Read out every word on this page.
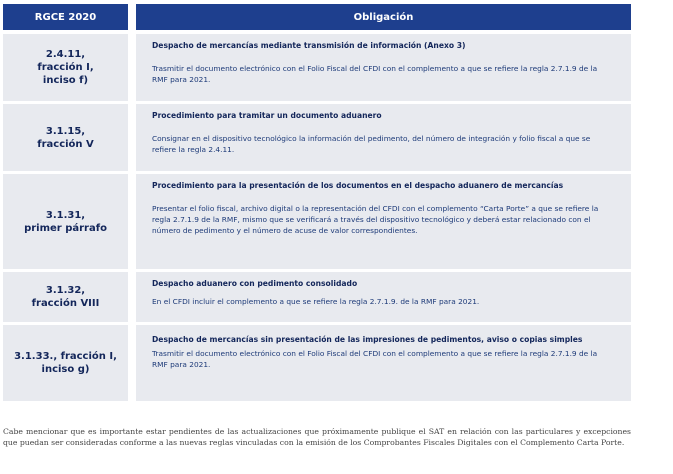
RGCE 2020	Obligación
2.4.11,
fracción I,
inciso f)
Despacho de mercancías mediante transmisión de información (Anexo 3)
Trasmitir el documento electrónico con el Folio Fiscal del CFDI con el complemento a que se refiere la regla 2.7.1.9 de la RMF para 2021.
3.1.15,
fracción V
Procedimiento para tramitar un documento aduanero
Consignar en el dispositivo tecnológico la información del pedimento, del número de integración y folio fiscal a que se refiere la regla 2.4.11.
3.1.31,
primer párrafo
Procedimiento para la presentación de los documentos en el despacho aduanero de mercancías
Presentar el folio fiscal, archivo digital o la representación del CFDI con el complemento “Carta Porte” a que se refiere la regla 2.7.1.9 de la RMF, mismo que se verificará a través del dispositivo tecnológico y deberá estar relacionado con el número de pedimento y el número de acuse de valor correspondientes.
3.1.32,
fracción VIII
Despacho aduanero con pedimento consolidado
En el CFDI incluir el complemento a que se refiere la regla 2.7.1.9. de la RMF para 2021.
3.1.33., fracción I,
inciso g)
Despacho de mercancías sin presentación de las impresiones de pedimentos, aviso o copias simples
Trasmitir el documento electrónico con el Folio Fiscal del CFDI con el complemento a que se refiere la regla 2.7.1.9 de la RMF para 2021.
Cabe mencionar que es importante estar pendientes de las actualizaciones que próximamente publique el SAT en relación con las particulares y excepciones que puedan ser consideradas conforme a las nuevas reglas vinculadas con la emisión de los Comprobantes Fiscales Digitales con el Complemento Carta Porte.
